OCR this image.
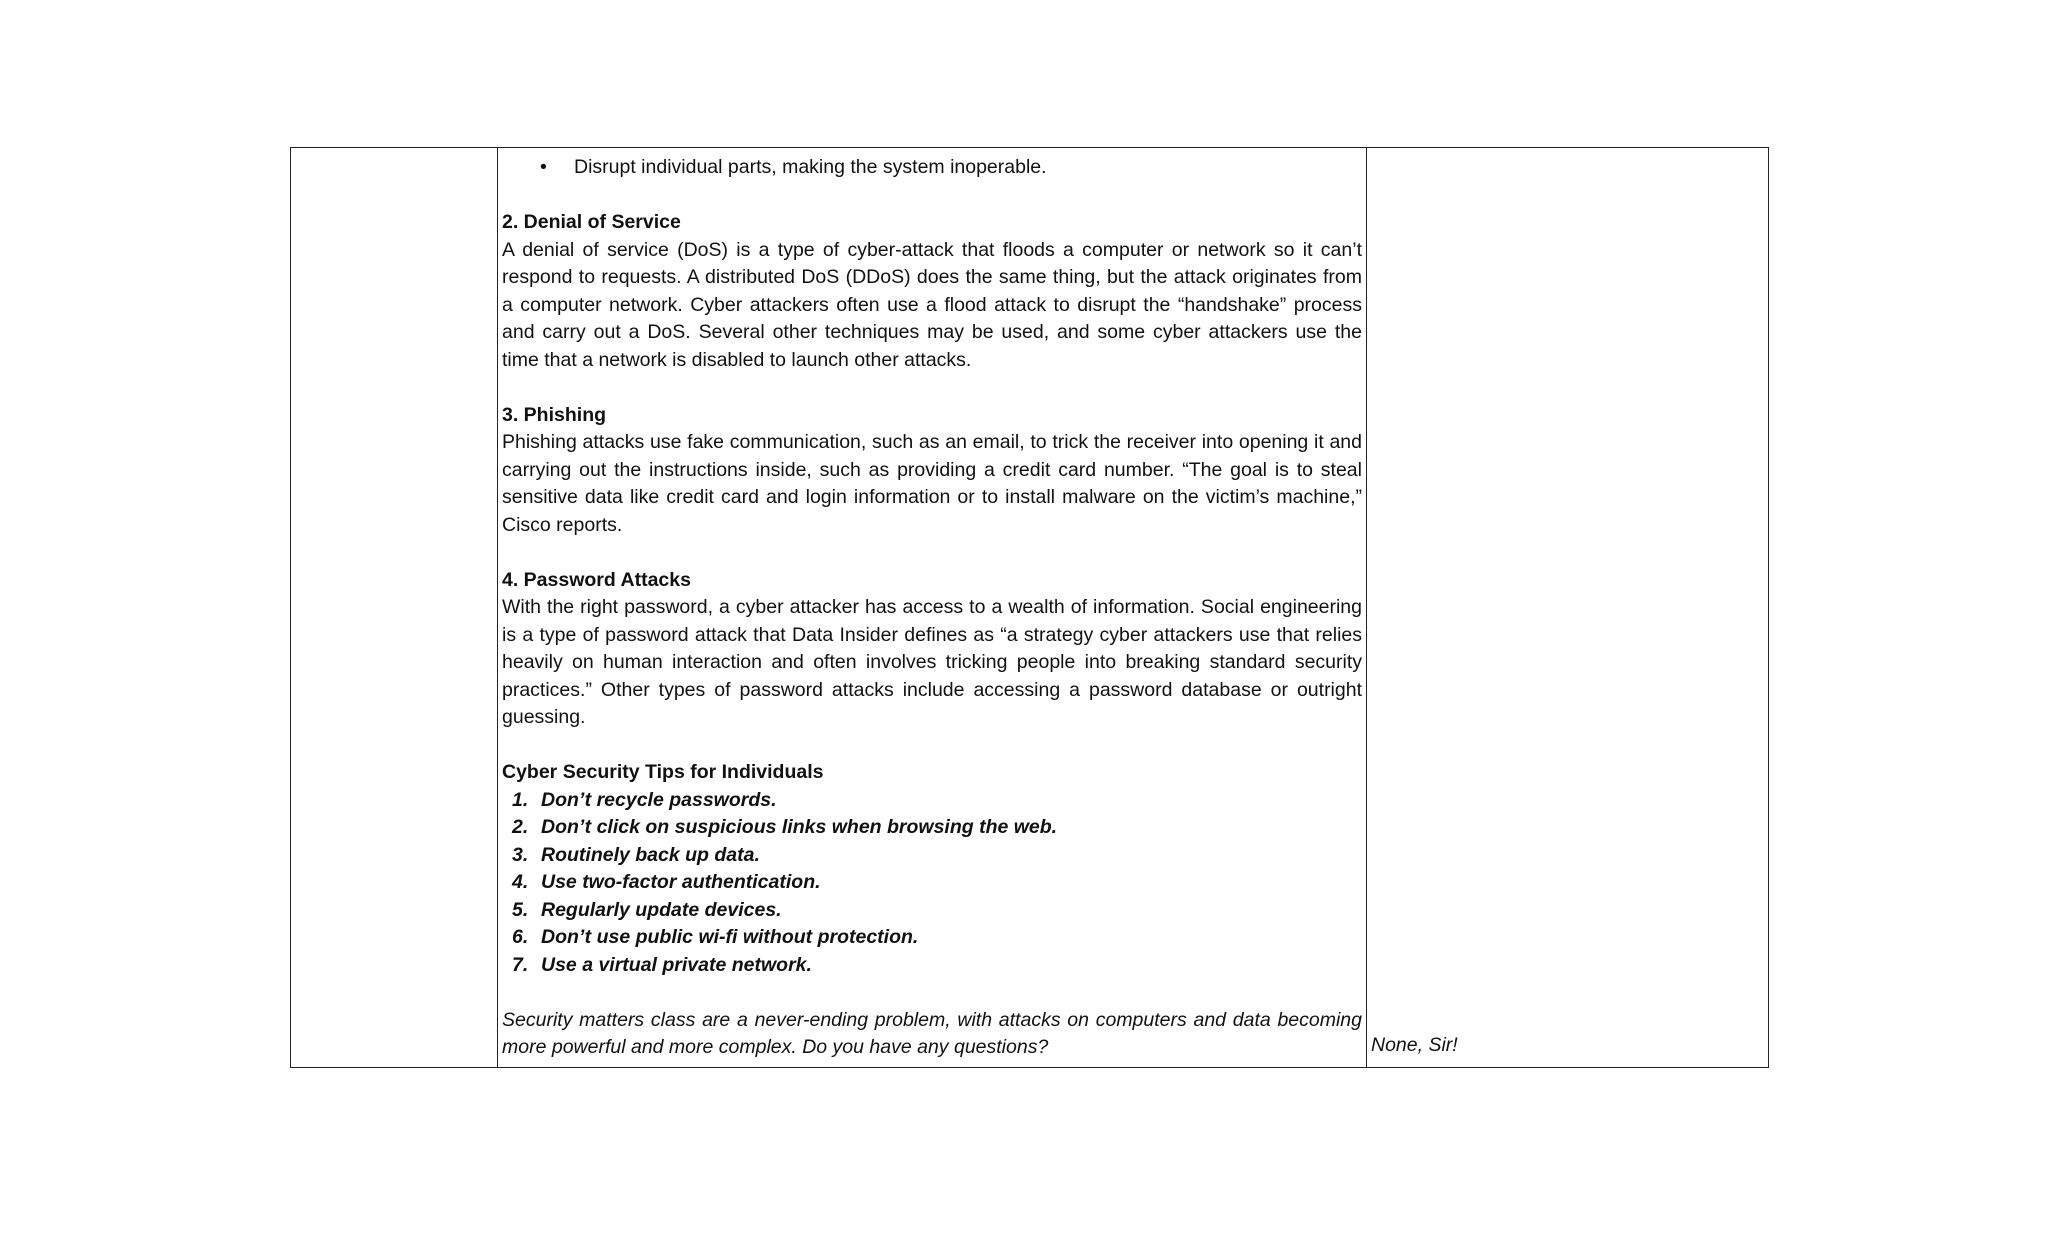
• Disrupt individual parts, making the system inoperable.

2. Denial of Service

A denial of service (DoS) is a type of cyber-attack that floods a computer or network so it can’t respond to requests. A distributed DoS (DDoS) does the same thing, but the attack originates from a computer network. Cyber attackers often use a flood attack to disrupt the “handshake” process and carry out a DoS. Several other techniques may be used, and some cyber attackers use the time that a network is disabled to launch other attacks.

3. Phishing

Phishing attacks use fake communication, such as an email, to trick the receiver into opening it and carrying out the instructions inside, such as providing a credit card number. “The goal is to steal sensitive data like credit card and login information or to install malware on the victim’s machine,” Cisco reports.

4. Password Attacks

With the right password, a cyber attacker has access to a wealth of information. Social engineering is a type of password attack that Data Insider defines as “a strategy cyber attackers use that relies heavily on human interaction and often involves tricking people into breaking standard security practices.” Other types of password attacks include accessing a password database or outright guessing.

Cyber Security Tips for Individuals

1. Don’t recycle passwords.
2. Don’t click on suspicious links when browsing the web.
3. Routinely back up data.
4. Use two-factor authentication.
5. Regularly update devices.
6. Don’t use public wi-fi without protection.
7. Use a virtual private network.

Security matters class are a never-ending problem, with attacks on computers and data becoming more powerful and more complex. Do you have any questions?	None, Sir!
